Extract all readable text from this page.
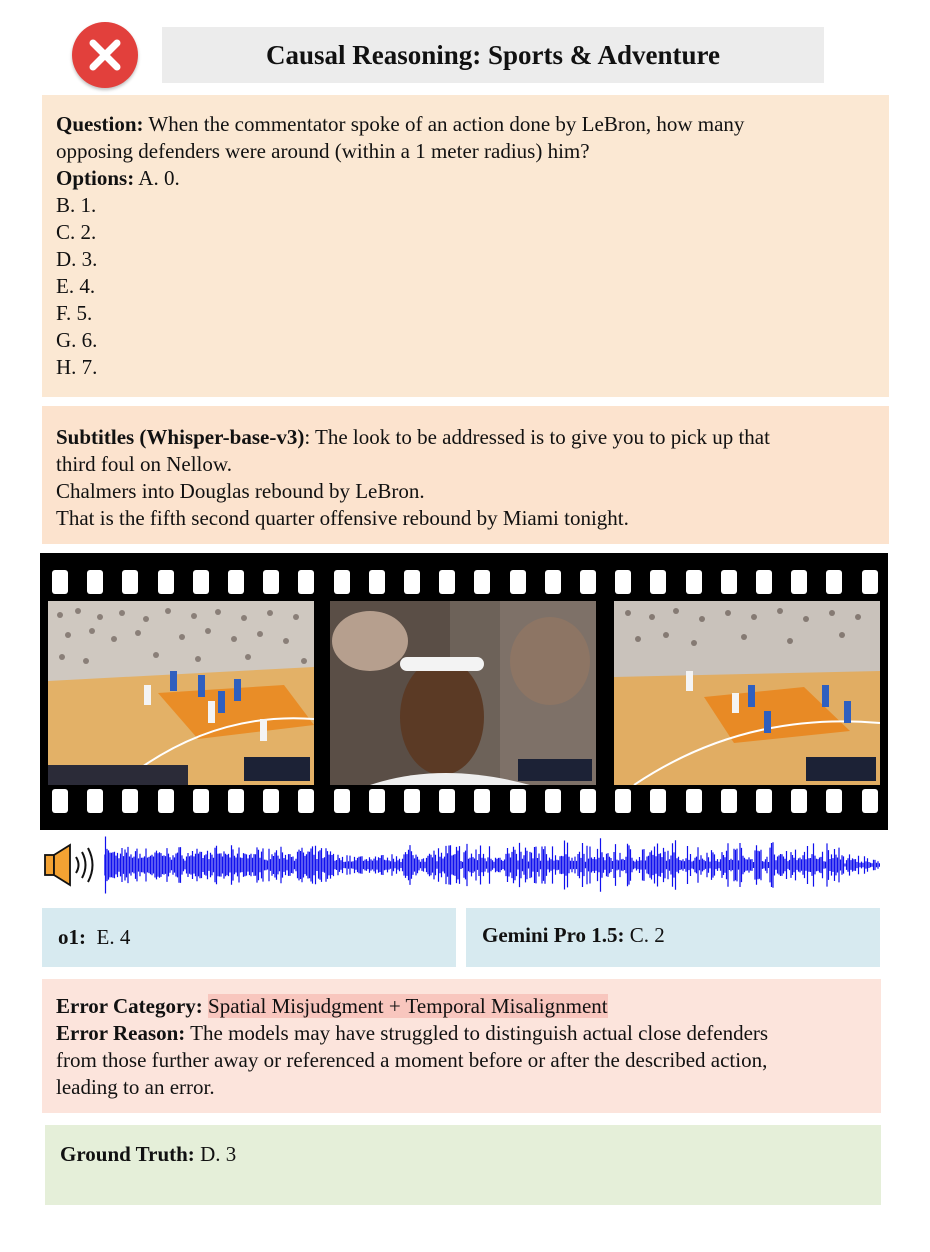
Causal Reasoning: Sports & Adventure
Question: When the commentator spoke of an action done by LeBron, how many
opposing defenders were around (within a 1 meter radius) him?
Options: A. 0.
B. 1.
C. 2.
D. 3.
E. 4.
F. 5.
G. 6.
H. 7.
Subtitles (Whisper-base-v3): The look to be addressed is to give you to pick up that
third foul on Nellow.
Chalmers into Douglas rebound by LeBron.
That is the fifth second quarter offensive rebound by Miami tonight.
o1:  E. 4	Gemini Pro 1.5: C. 2
Error Category: Spatial Misjudgment + Temporal Misalignment
Error Reason: The models may have struggled to distinguish actual close defenders
from those further away or referenced a moment before or after the described action,
leading to an error.
Ground Truth: D. 3
